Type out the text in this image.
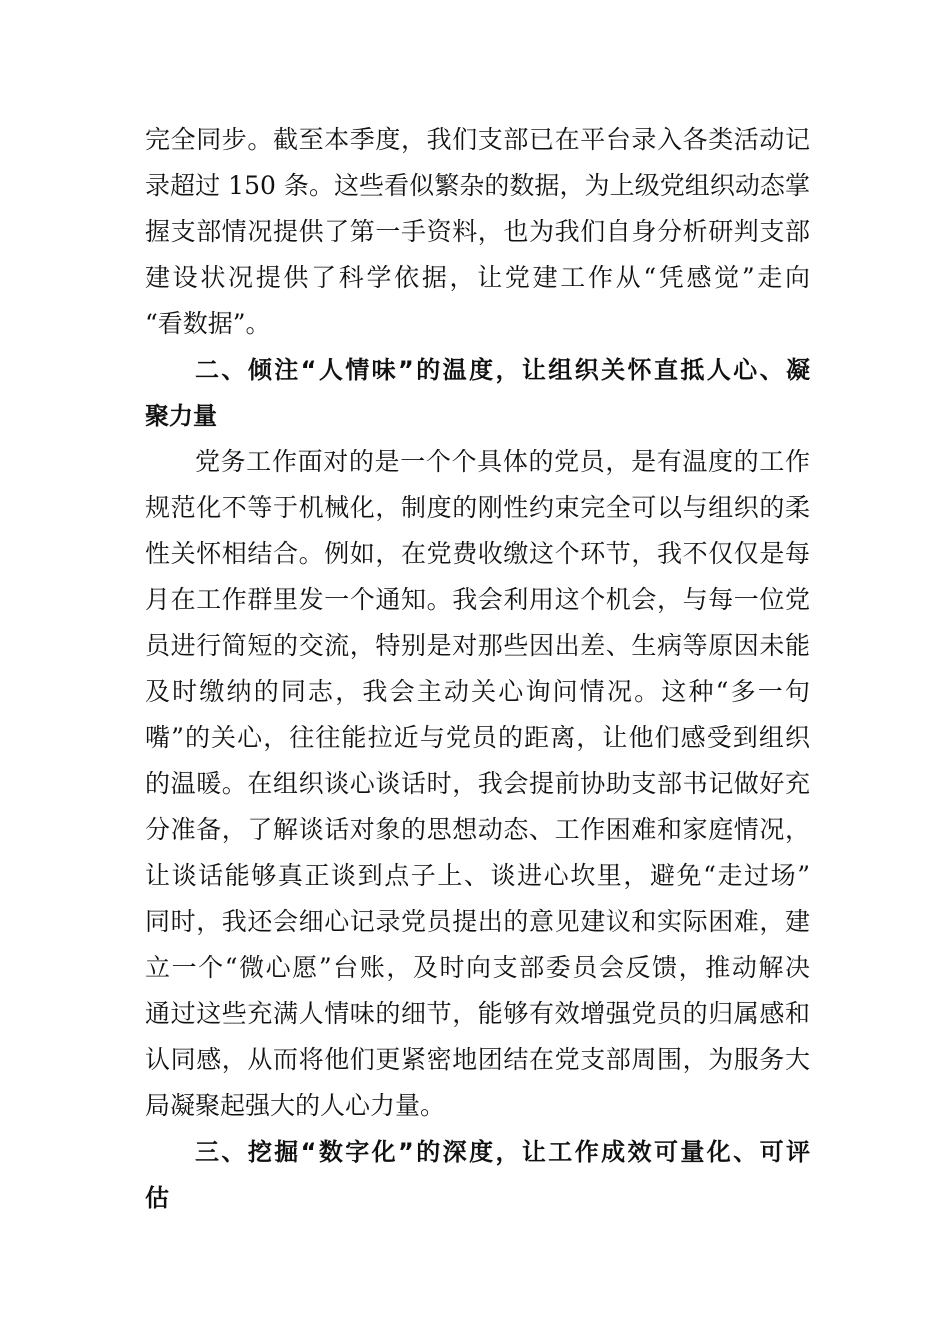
完全同步。截至本季度，我们支部已在平台录入各类活动记
录超过 150 条。这些看似繁杂的数据，为上级党组织动态掌
握支部情况提供了第一手资料，也为我们自身分析研判支部
建设状况提供了科学依据，让党建工作从“凭感觉”走向
“看数据”。
二、倾注“人情味”的温度，让组织关怀直抵人心、凝
聚力量
党务工作面对的是一个个具体的党员，是有温度的工作
规范化不等于机械化，制度的刚性约束完全可以与组织的柔
性关怀相结合。例如，在党费收缴这个环节，我不仅仅是每
月在工作群里发一个通知。我会利用这个机会，与每一位党
员进行简短的交流，特别是对那些因出差、生病等原因未能
及时缴纳的同志，我会主动关心询问情况。这种“多一句
嘴”的关心，往往能拉近与党员的距离，让他们感受到组织
的温暖。在组织谈心谈话时，我会提前协助支部书记做好充
分准备，了解谈话对象的思想动态、工作困难和家庭情况，
让谈话能够真正谈到点子上、谈进心坎里，避免“走过场”
同时，我还会细心记录党员提出的意见建议和实际困难，建
立一个“微心愿”台账，及时向支部委员会反馈，推动解决
通过这些充满人情味的细节，能够有效增强党员的归属感和
认同感，从而将他们更紧密地团结在党支部周围，为服务大
局凝聚起强大的人心力量。
三、挖掘“数字化”的深度，让工作成效可量化、可评
估
